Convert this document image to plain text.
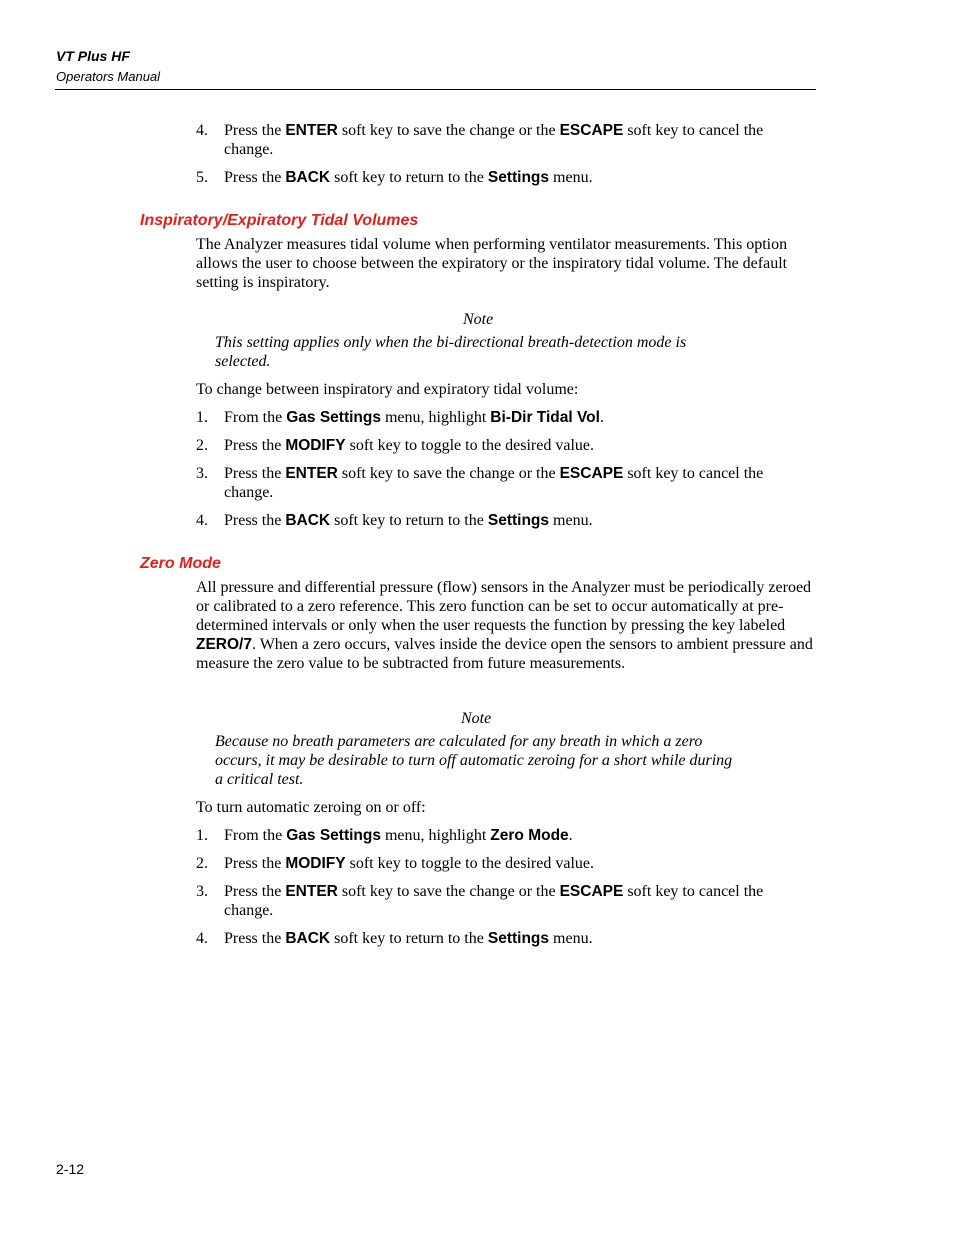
VT Plus HF
Operators Manual
4. Press the ENTER soft key to save the change or the ESCAPE soft key to cancel the change.
5. Press the BACK soft key to return to the Settings menu.
Inspiratory/Expiratory Tidal Volumes
The Analyzer measures tidal volume when performing ventilator measurements. This option allows the user to choose between the expiratory or the inspiratory tidal volume. The default setting is inspiratory.
Note
This setting applies only when the bi-directional breath-detection mode is selected.
To change between inspiratory and expiratory tidal volume:
1. From the Gas Settings menu, highlight Bi-Dir Tidal Vol.
2. Press the MODIFY soft key to toggle to the desired value.
3. Press the ENTER soft key to save the change or the ESCAPE soft key to cancel the change.
4. Press the BACK soft key to return to the Settings menu.
Zero Mode
All pressure and differential pressure (flow) sensors in the Analyzer must be periodically zeroed or calibrated to a zero reference. This zero function can be set to occur automatically at pre-determined intervals or only when the user requests the function by pressing the key labeled ZERO/7. When a zero occurs, valves inside the device open the sensors to ambient pressure and measure the zero value to be subtracted from future measurements.
Note
Because no breath parameters are calculated for any breath in which a zero occurs, it may be desirable to turn off automatic zeroing for a short while during a critical test.
To turn automatic zeroing on or off:
1. From the Gas Settings menu, highlight Zero Mode.
2. Press the MODIFY soft key to toggle to the desired value.
3. Press the ENTER soft key to save the change or the ESCAPE soft key to cancel the change.
4. Press the BACK soft key to return to the Settings menu.
2-12
